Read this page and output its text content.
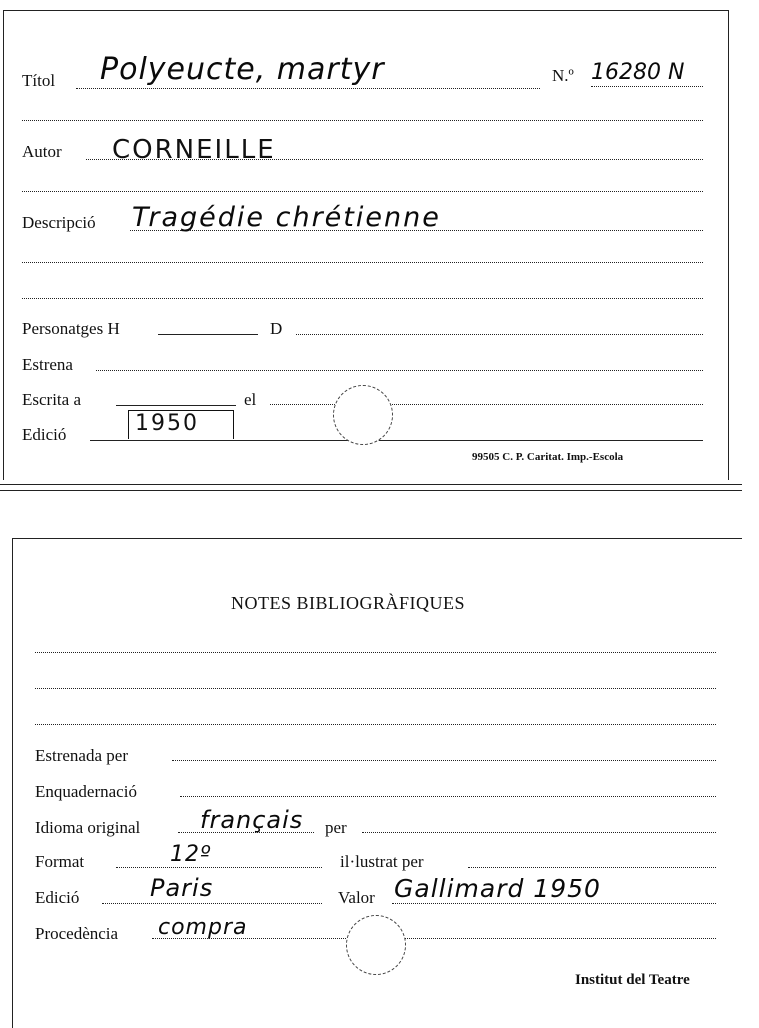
Títol Polyeucte, martyr	N.º 16280 N
Autor CORNEILLE
Descripció Tragédie chrétienne
Personatges H	D
Estrena
Escrita a	el
Edició	1950
99505 C. P. Caritat. Imp.-Escola
NOTES BIBLIOGRÀFIQUES
Estrenada per
Enquadernació
Idioma original français per
Format	12º	il·lustrat per
Edició	Paris	Valor Gallimard 1950
Procedència compra
Institut del Teatre
